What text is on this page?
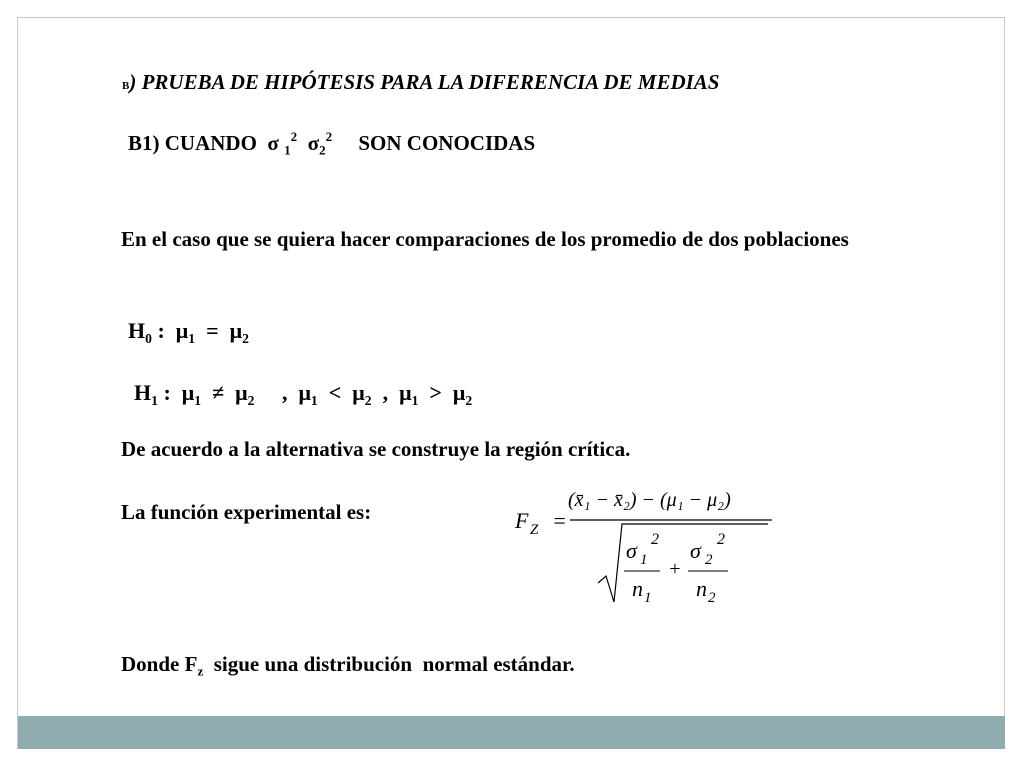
B) PRUEBA DE HIPÓTESIS PARA LA DIFERENCIA DE MEDIAS
B1) CUANDO σ $_1^2$ $\sigma_2^2$ SON CONOCIDAS
En el caso que se quiera hacer comparaciones de los promedio de dos poblaciones
$H_0$ :  $\mu_1 = \mu_2$
$H_1$ :  $\mu_1 \ne \mu_2$     ,  $\mu_1 < \mu_2$  ,  $\mu_1 > \mu_2$
De acuerdo a la alternativa se construye la región crítica.
La función experimental es:	F Z =
(x̄₁ − x̄₂) − (μ₁ − μ₂)
σ 1
2
n 1
+
σ 2
2
n 2
Donde $F_z$  sigue una distribución  normal estándar.
